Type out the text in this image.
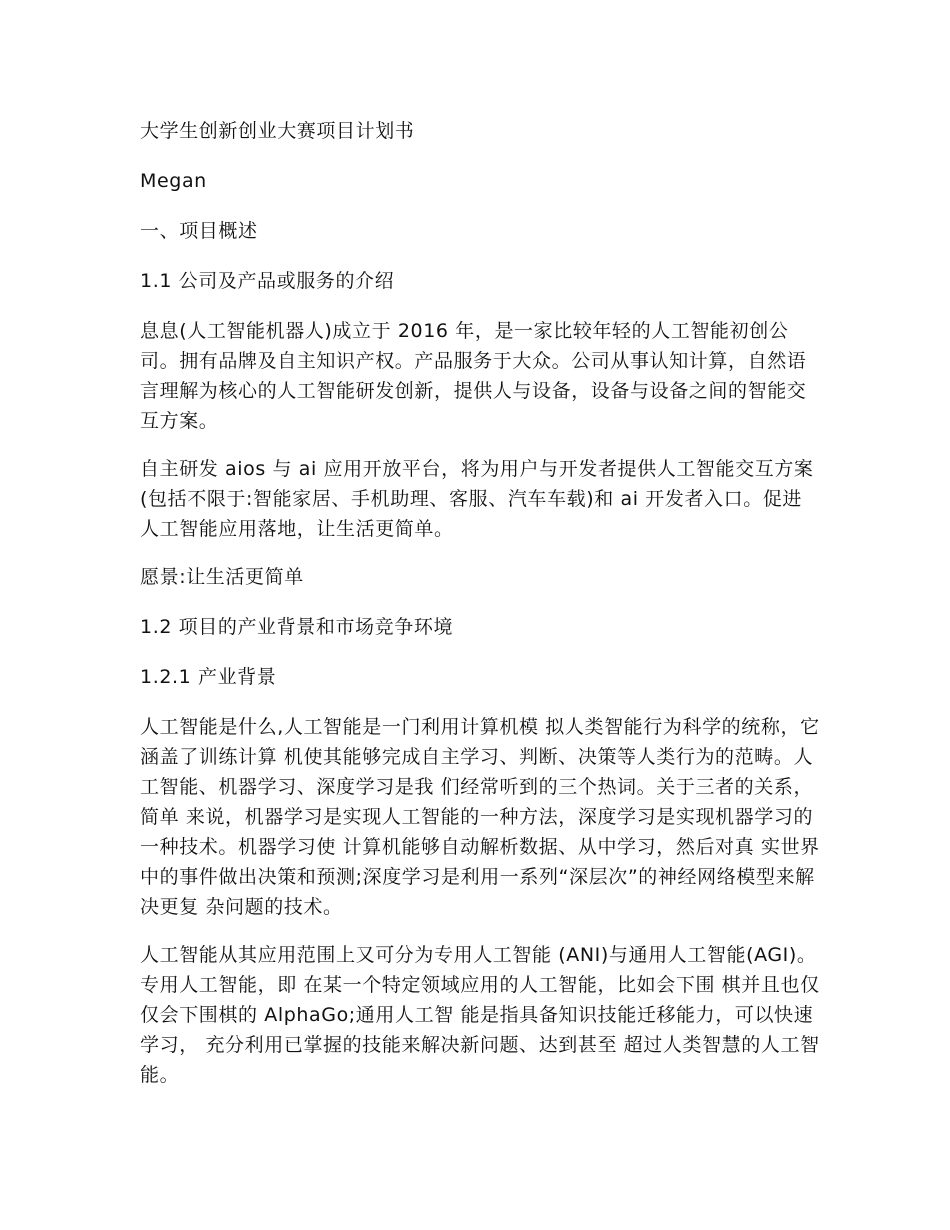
大学生创新创业大赛项目计划书

Megan

一、项目概述

1.1 公司及产品或服务的介绍

息息(人工智能机器人)成立于 2016 年，是一家比较年轻的人工智能初创公司。拥有品牌及自主知识产权。产品服务于大众。公司从事认知计算，自然语言理解为核心的人工智能研发创新，提供人与设备，设备与设备之间的智能交互方案。

自主研发 aios 与 ai 应用开放平台，将为用户与开发者提供人工智能交互方案(包括不限于:智能家居、手机助理、客服、汽车车载)和 ai 开发者入口。促进人工智能应用落地，让生活更简单。

愿景:让生活更简单

1.2 项目的产业背景和市场竞争环境

1.2.1 产业背景

人工智能是什么,人工智能是一门利用计算机模 拟人类智能行为科学的统称，它涵盖了训练计算 机使其能够完成自主学习、判断、决策等人类行为的范畴。人工智能、机器学习、深度学习是我 们经常听到的三个热词。关于三者的关系，简单 来说，机器学习是实现人工智能的一种方法，深度学习是实现机器学习的一种技术。机器学习使 计算机能够自动解析数据、从中学习，然后对真 实世界中的事件做出决策和预测;深度学习是利用一系列“深层次”的神经网络模型来解决更复 杂问题的技术。

人工智能从其应用范围上又可分为专用人工智能 (ANI)与通用人工智能(AGI)。专用人工智能，即 在某一个特定领域应用的人工智能，比如会下围 棋并且也仅仅会下围棋的 AlphaGo;通用人工智 能是指具备知识技能迁移能力，可以快速学习， 充分利用已掌握的技能来解决新问题、达到甚至 超过人类智慧的人工智能。
